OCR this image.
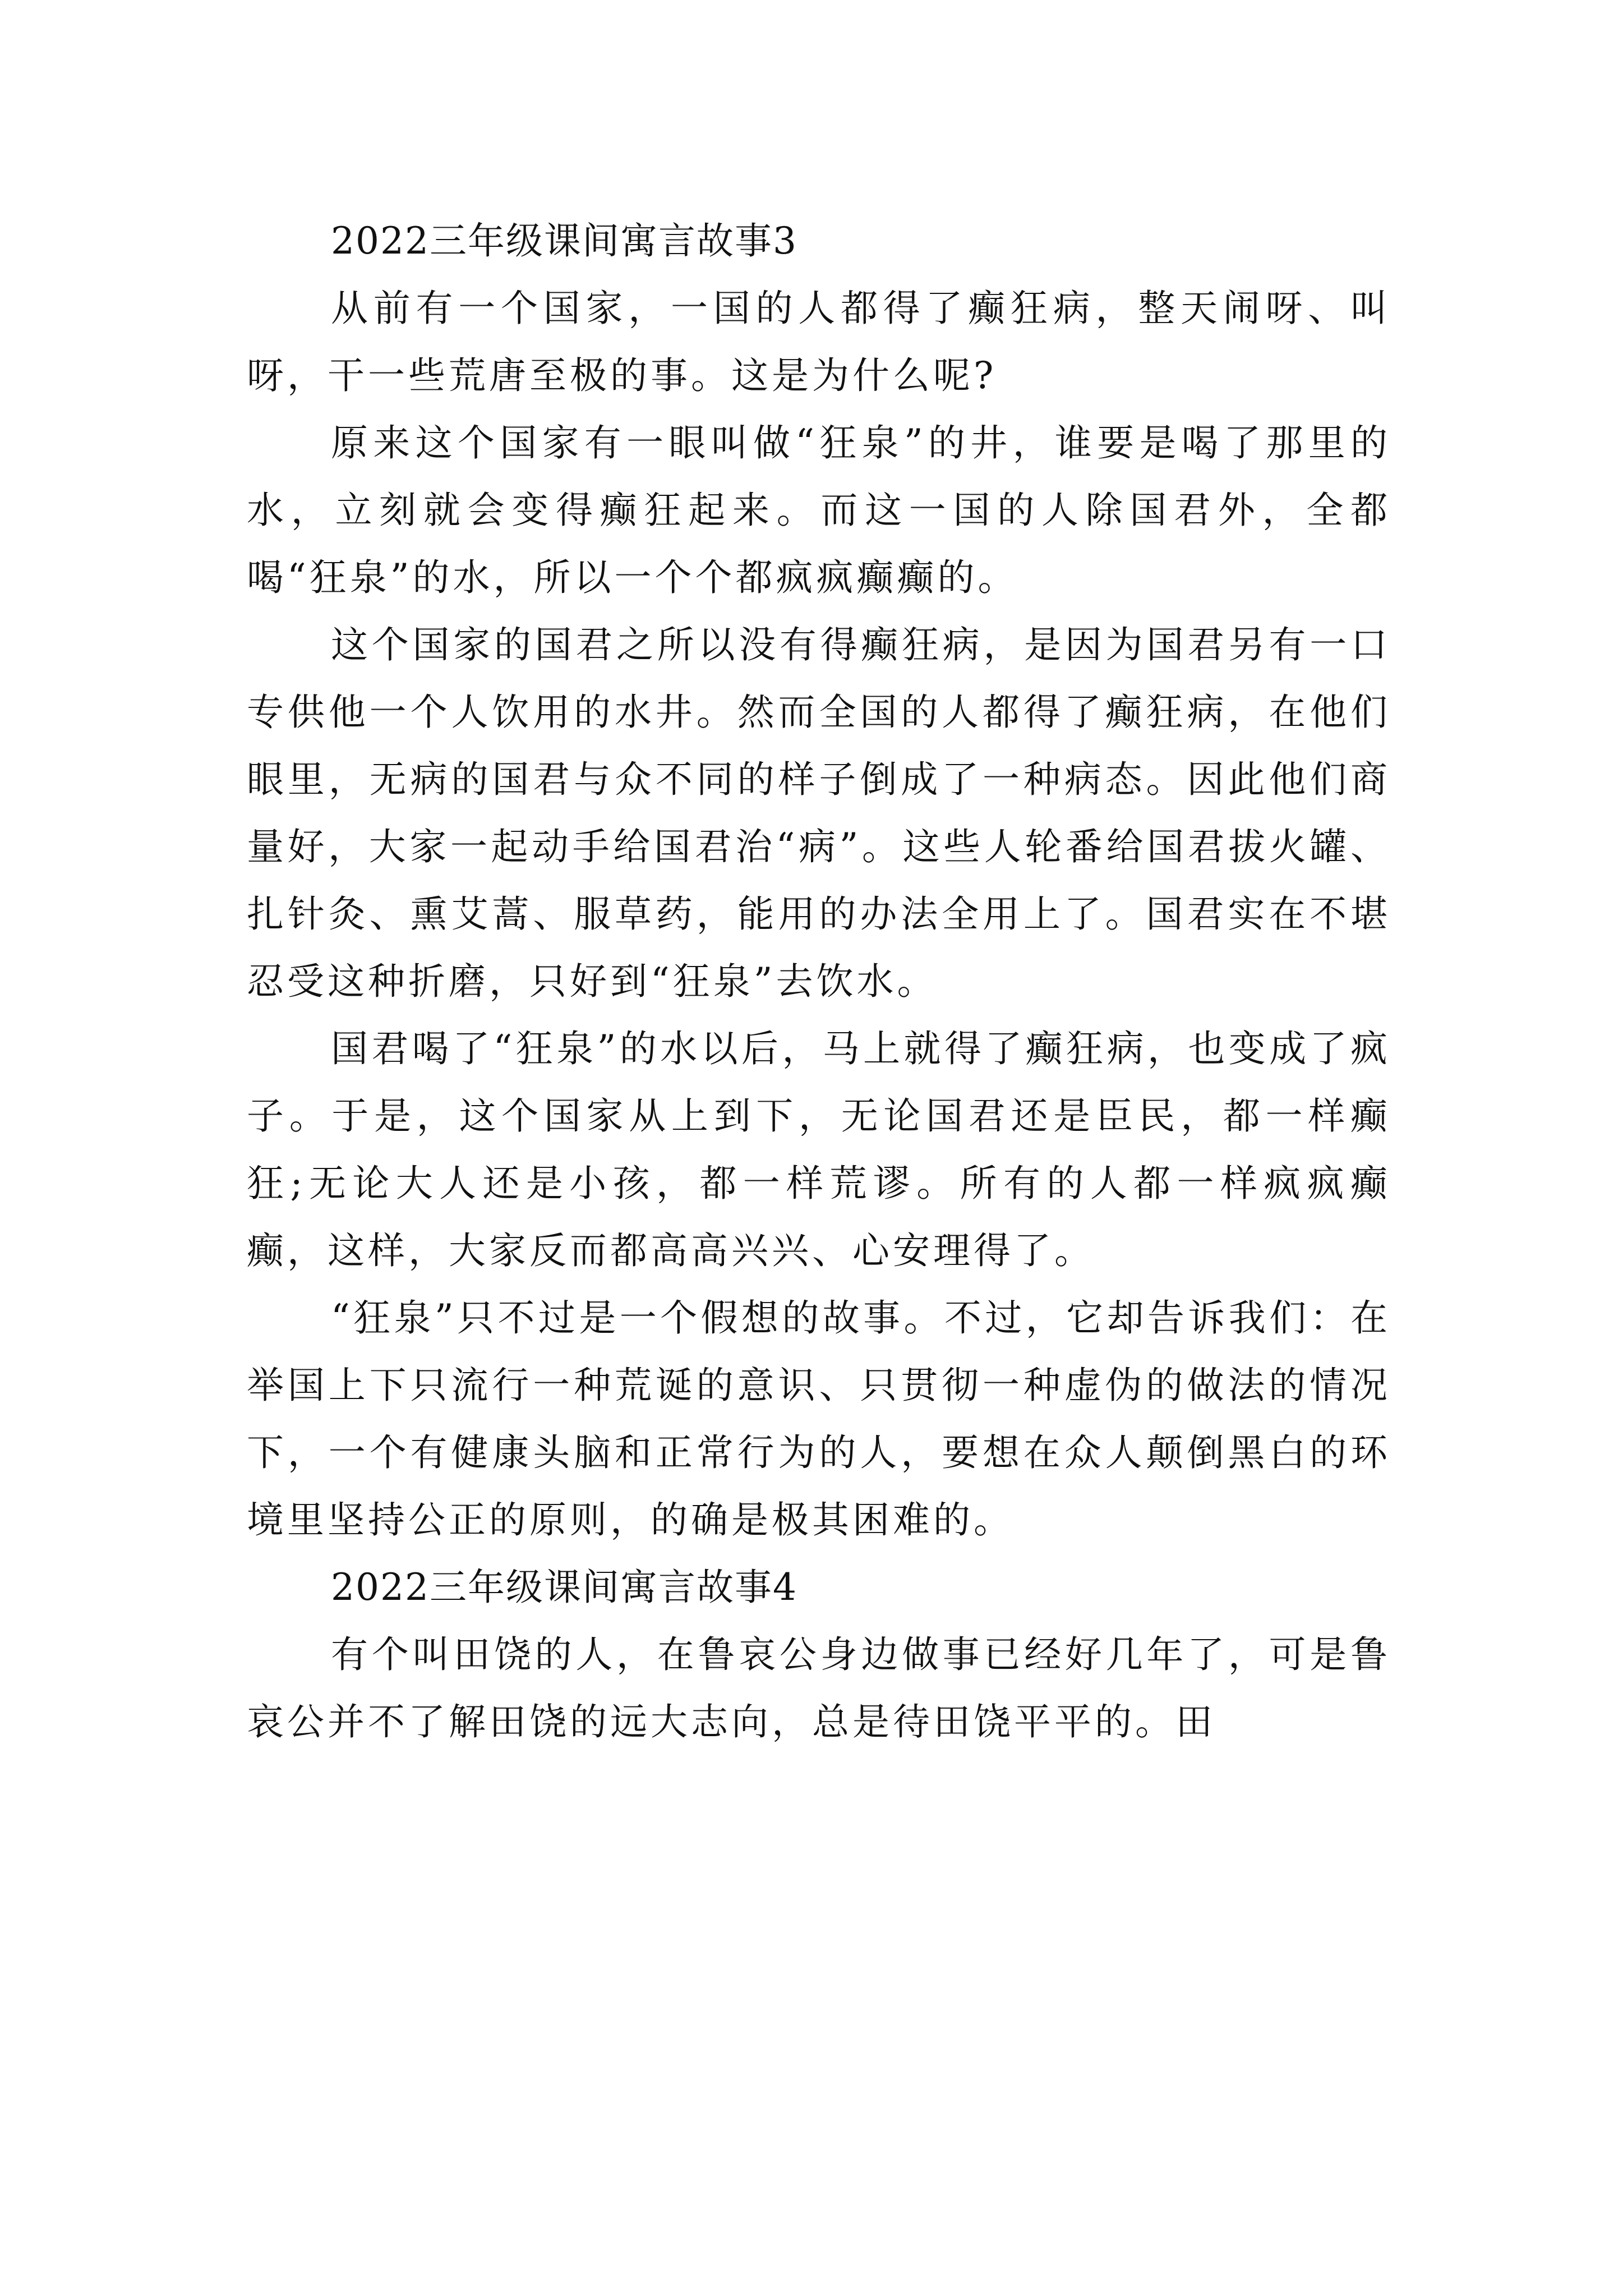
2022三年级课间寓言故事3

从前有一个国家，一国的人都得了癫狂病，整天闹呀、叫呀，干一些荒唐至极的事。这是为什么呢?

原来这个国家有一眼叫做“狂泉”的井，谁要是喝了那里的水，立刻就会变得癫狂起来。而这一国的人除国君外，全都喝“狂泉”的水，所以一个个都疯疯癫癫的。

这个国家的国君之所以没有得癫狂病，是因为国君另有一口专供他一个人饮用的水井。然而全国的人都得了癫狂病，在他们眼里，无病的国君与众不同的样子倒成了一种病态。因此他们商量好，大家一起动手给国君治“病”。这些人轮番给国君拔火罐、扎针灸、熏艾蒿、服草药，能用的办法全用上了。国君实在不堪忍受这种折磨，只好到“狂泉”去饮水。

国君喝了“狂泉”的水以后，马上就得了癫狂病，也变成了疯子。于是，这个国家从上到下，无论国君还是臣民，都一样癫狂;无论大人还是小孩，都一样荒谬。所有的人都一样疯疯癫癫，这样，大家反而都高高兴兴、心安理得了。

“狂泉”只不过是一个假想的故事。不过，它却告诉我们：在举国上下只流行一种荒诞的意识、只贯彻一种虚伪的做法的情况下，一个有健康头脑和正常行为的人，要想在众人颠倒黑白的环境里坚持公正的原则，的确是极其困难的。

2022三年级课间寓言故事4

有个叫田饶的人，在鲁哀公身边做事已经好几年了，可是鲁哀公并不了解田饶的远大志向，总是待田饶平平的。田
